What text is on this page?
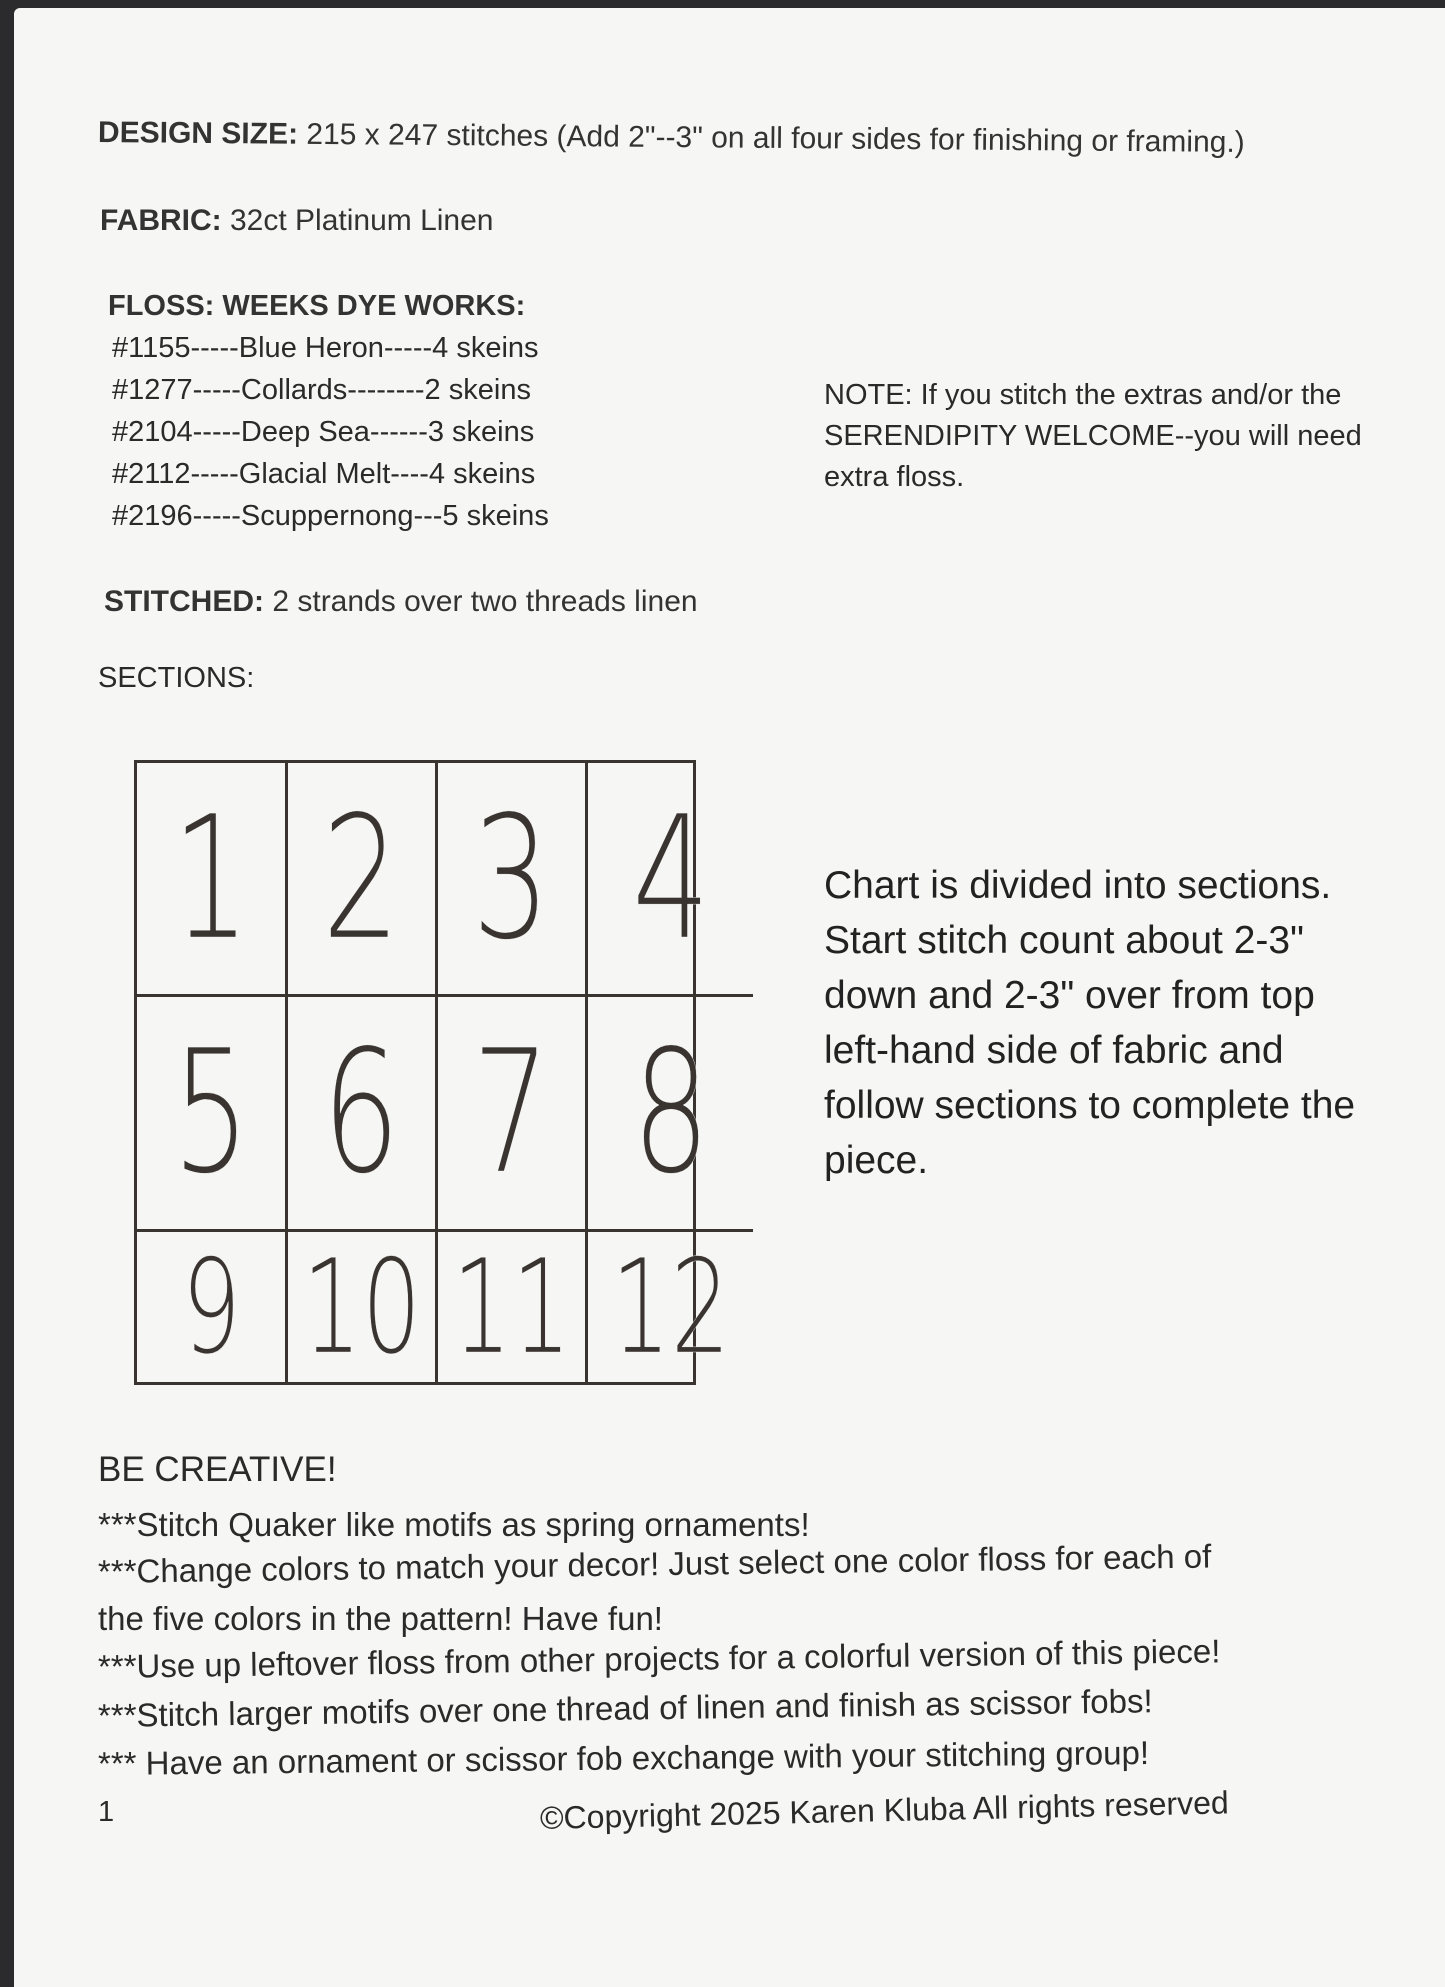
DESIGN SIZE: 215 x 247 stitches (Add 2"--3" on all four sides for finishing or framing.)
FABRIC: 32ct Platinum Linen
FLOSS: WEEKS DYE WORKS:
#1155-----Blue Heron-----4 skeins
#1277-----Collards--------2 skeins
#2104-----Deep Sea------3 skeins
#2112-----Glacial Melt----4 skeins
#2196-----Scuppernong---5 skeins
NOTE: If you stitch the extras and/or the SERENDIPITY WELCOME--you will need extra floss.
STITCHED: 2 strands over two threads linen
SECTIONS:
1 2 3 4
5 6 7 8
9 10 11 12
Chart is divided into sections. Start stitch count about 2-3" down and 2-3" over from top left-hand side of fabric and follow sections to complete the piece.
BE CREATIVE!
***Stitch Quaker like motifs as spring ornaments!
***Change colors to match your decor! Just select one color floss for each of
the five colors in the pattern! Have fun!
***Use up leftover floss from other projects for a colorful version of this piece!
***Stitch larger motifs over one thread of linen and finish as scissor fobs!
*** Have an ornament or scissor fob exchange with your stitching group!
1	©Copyright 2025 Karen Kluba All rights reserved
